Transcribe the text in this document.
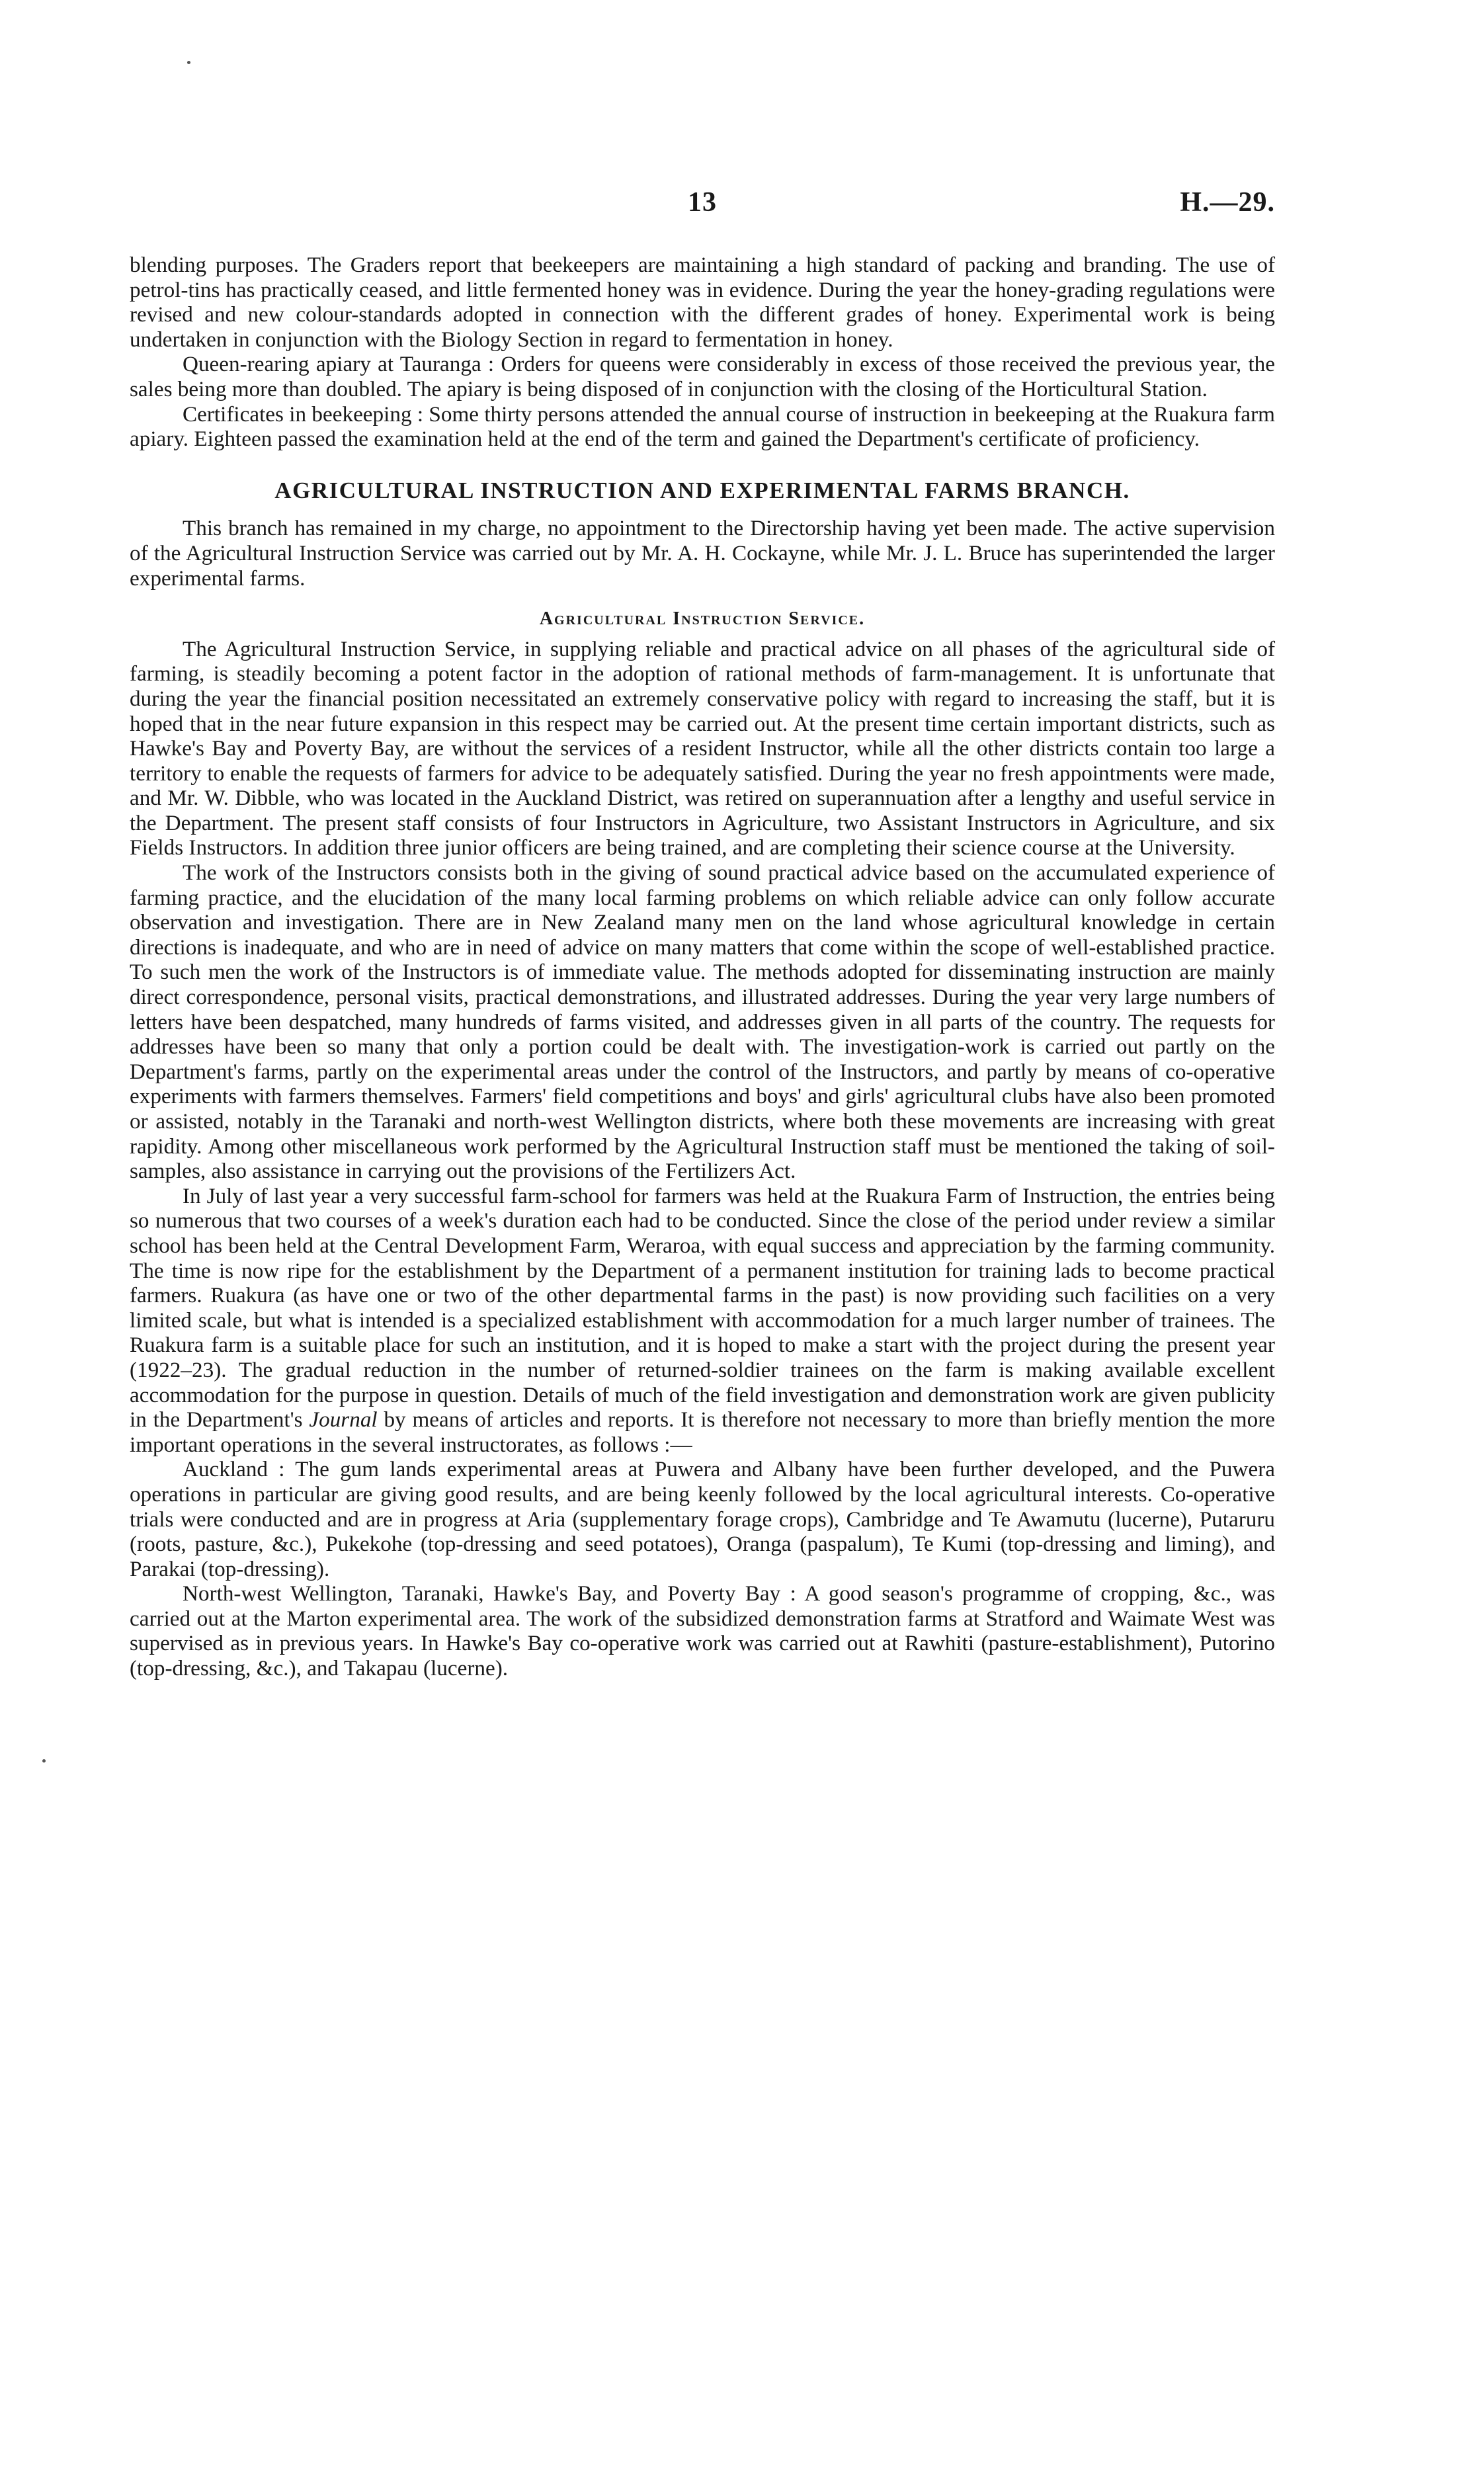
13	H.—29.

blending purposes. The Graders report that beekeepers are maintaining a high standard of packing and branding. The use of petrol-tins has practically ceased, and little fermented honey was in evidence. During the year the honey-grading regulations were revised and new colour-standards adopted in connection with the different grades of honey. Experimental work is being undertaken in conjunction with the Biology Section in regard to fermentation in honey.

Queen-rearing apiary at Tauranga : Orders for queens were considerably in excess of those received the previous year, the sales being more than doubled. The apiary is being disposed of in conjunction with the closing of the Horticultural Station.

Certificates in beekeeping : Some thirty persons attended the annual course of instruction in beekeeping at the Ruakura farm apiary. Eighteen passed the examination held at the end of the term and gained the Department's certificate of proficiency.

AGRICULTURAL INSTRUCTION AND EXPERIMENTAL FARMS BRANCH.

This branch has remained in my charge, no appointment to the Directorship having yet been made. The active supervision of the Agricultural Instruction Service was carried out by Mr. A. H. Cockayne, while Mr. J. L. Bruce has superintended the larger experimental farms.

Agricultural Instruction Service.

The Agricultural Instruction Service, in supplying reliable and practical advice on all phases of the agricultural side of farming, is steadily becoming a potent factor in the adoption of rational methods of farm-management. It is unfortunate that during the year the financial position necessitated an extremely conservative policy with regard to increasing the staff, but it is hoped that in the near future expansion in this respect may be carried out. At the present time certain important districts, such as Hawke's Bay and Poverty Bay, are without the services of a resident Instructor, while all the other districts contain too large a territory to enable the requests of farmers for advice to be adequately satisfied. During the year no fresh appointments were made, and Mr. W. Dibble, who was located in the Auckland District, was retired on superannuation after a lengthy and useful service in the Department. The present staff consists of four Instructors in Agriculture, two Assistant Instructors in Agriculture, and six Fields Instructors. In addition three junior officers are being trained, and are completing their science course at the University.

The work of the Instructors consists both in the giving of sound practical advice based on the accumulated experience of farming practice, and the elucidation of the many local farming problems on which reliable advice can only follow accurate observation and investigation. There are in New Zealand many men on the land whose agricultural knowledge in certain directions is inadequate, and who are in need of advice on many matters that come within the scope of well-established practice. To such men the work of the Instructors is of immediate value. The methods adopted for disseminating instruction are mainly direct correspondence, personal visits, practical demonstrations, and illustrated addresses. During the year very large numbers of letters have been despatched, many hundreds of farms visited, and addresses given in all parts of the country. The requests for addresses have been so many that only a portion could be dealt with. The investigation-work is carried out partly on the Department's farms, partly on the experimental areas under the control of the Instructors, and partly by means of co-operative experiments with farmers themselves. Farmers' field competitions and boys' and girls' agricultural clubs have also been promoted or assisted, notably in the Taranaki and north-west Wellington districts, where both these movements are increasing with great rapidity. Among other miscellaneous work performed by the Agricultural Instruction staff must be mentioned the taking of soil-samples, also assistance in carrying out the provisions of the Fertilizers Act.

In July of last year a very successful farm-school for farmers was held at the Ruakura Farm of Instruction, the entries being so numerous that two courses of a week's duration each had to be conducted. Since the close of the period under review a similar school has been held at the Central Development Farm, Weraroa, with equal success and appreciation by the farming community. The time is now ripe for the establishment by the Department of a permanent institution for training lads to become practical farmers. Ruakura (as have one or two of the other departmental farms in the past) is now providing such facilities on a very limited scale, but what is intended is a specialized establishment with accommodation for a much larger number of trainees. The Ruakura farm is a suitable place for such an institution, and it is hoped to make a start with the project during the present year (1922–23). The gradual reduction in the number of returned-soldier trainees on the farm is making available excellent accommodation for the purpose in question. Details of much of the field investigation and demonstration work are given publicity in the Department's Journal by means of articles and reports. It is therefore not necessary to more than briefly mention the more important operations in the several instructorates, as follows :—

Auckland : The gum lands experimental areas at Puwera and Albany have been further developed, and the Puwera operations in particular are giving good results, and are being keenly followed by the local agricultural interests. Co-operative trials were conducted and are in progress at Aria (supplementary forage crops), Cambridge and Te Awamutu (lucerne), Putaruru (roots, pasture, &c.), Pukekohe (top-dressing and seed potatoes), Oranga (paspalum), Te Kumi (top-dressing and liming), and Parakai (top-dressing).

North-west Wellington, Taranaki, Hawke's Bay, and Poverty Bay : A good season's programme of cropping, &c., was carried out at the Marton experimental area. The work of the subsidized demonstration farms at Stratford and Waimate West was supervised as in previous years. In Hawke's Bay co-operative work was carried out at Rawhiti (pasture-establishment), Putorino (top-dressing, &c.), and Takapau (lucerne).
